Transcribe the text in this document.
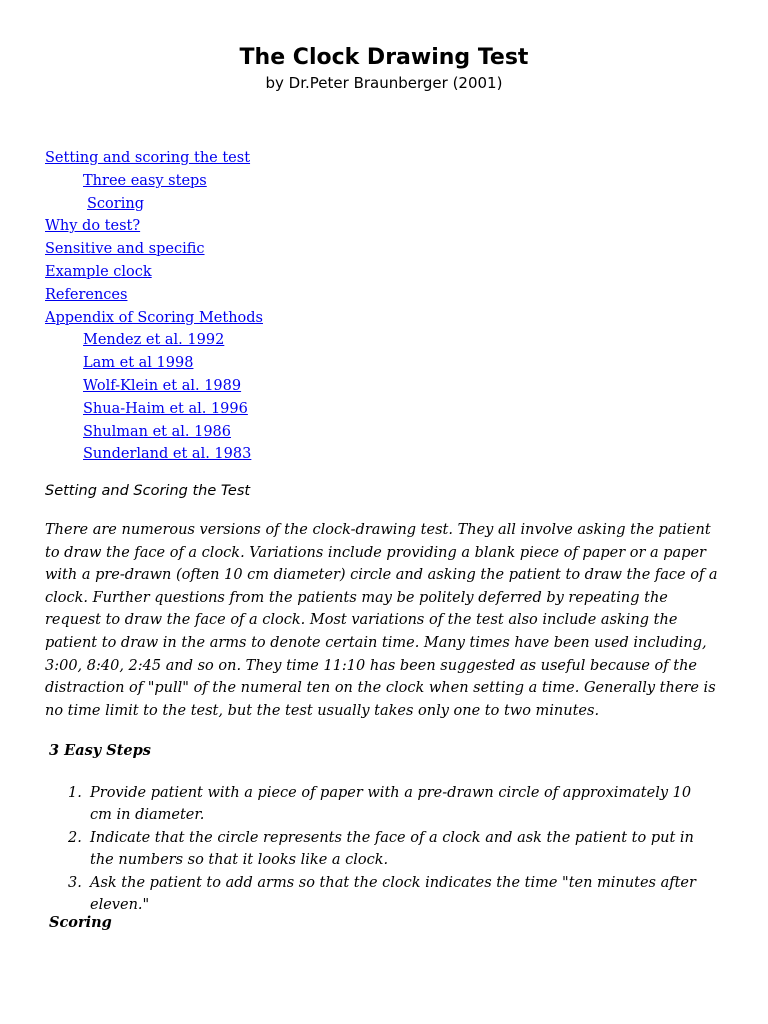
The Clock Drawing Test

by Dr.Peter Braunberger (2001)

Setting and scoring the test
Three easy steps
Scoring
Why do test?
Sensitive and specific
Example clock
References
Appendix of Scoring Methods
Mendez et al. 1992
Lam et al 1998
Wolf-Klein et al. 1989
Shua-Haim et al. 1996
Shulman et al. 1986
Sunderland et al. 1983
Setting and Scoring the Test

There are numerous versions of the clock-drawing test. They all involve asking the patient to draw the face of a clock. Variations include providing a blank piece of paper or a paper with a pre-drawn (often 10 cm diameter) circle and asking the patient to draw the face of a clock. Further questions from the patients may be politely deferred by repeating the request to draw the face of a clock. Most variations of the test also include asking the patient to draw in the arms to denote certain time. Many times have been used including, 3:00, 8:40, 2:45 and so on. They time 11:10 has been suggested as useful because of the distraction of "pull" of the numeral ten on the clock when setting a time. Generally there is no time limit to the test, but the test usually takes only one to two minutes.

3 Easy Steps
1. Provide patient with a piece of paper with a pre-drawn circle of approximately 10 cm in diameter.
2. Indicate that the circle represents the face of a clock and ask the patient to put in the numbers so that it looks like a clock.
3. Ask the patient to add arms so that the clock indicates the time "ten minutes after eleven."
Scoring
